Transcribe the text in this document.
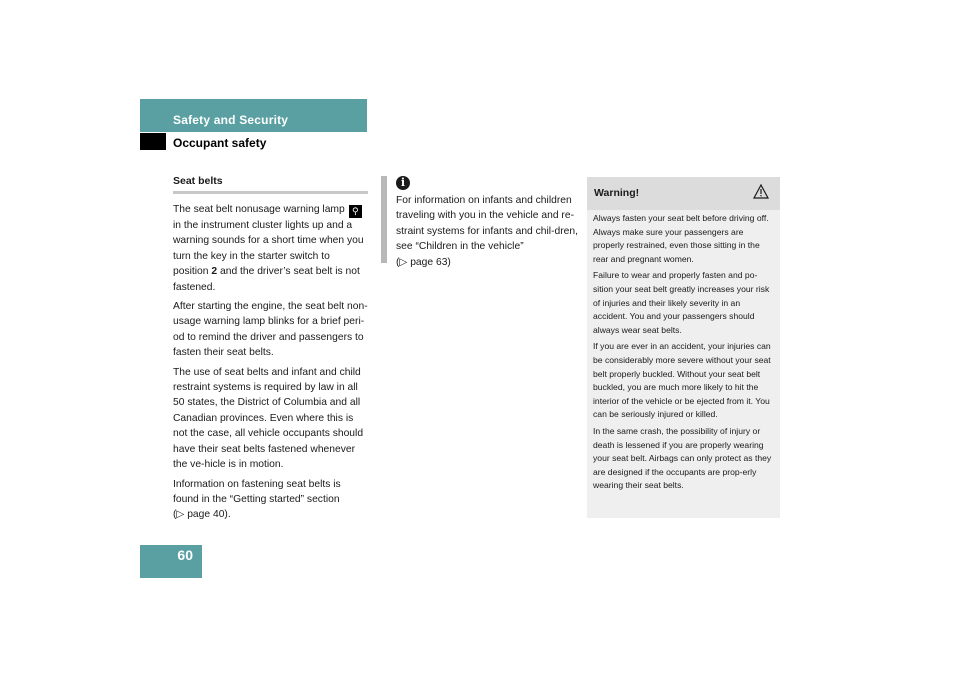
Safety and Security
Occupant safety
Seat belts

The seat belt nonusage warning lamp ⚲ in the instrument cluster lights up and a warning sounds for a short time when you turn the key in the starter switch to position 2 and the driver’s seat belt is not fastened.

After starting the engine, the seat belt non-usage warning lamp blinks for a brief peri-od to remind the driver and passengers to fasten their seat belts.

The use of seat belts and infant and child restraint systems is required by law in all 50 states, the District of Columbia and all Canadian provinces. Even where this is not the case, all vehicle occupants should have their seat belts fastened whenever the ve-hicle is in motion.

Information on fastening seat belts is found in the “Getting started” section
(▷ page 40).

i

For information on infants and children traveling with you in the vehicle and re-straint systems for infants and chil-dren, see “Children in the vehicle”
(▷ page 63)

Warning!

Always fasten your seat belt before driving off. Always make sure your passengers are properly restrained, even those sitting in the rear and pregnant women.

Failure to wear and properly fasten and po-sition your seat belt greatly increases your risk of injuries and their likely severity in an accident. You and your passengers should always wear seat belts.

If you are ever in an accident, your injuries can be considerably more severe without your seat belt properly buckled. Without your seat belt buckled, you are much more likely to hit the interior of the vehicle or be ejected from it. You can be seriously injured or killed.

In the same crash, the possibility of injury or death is lessened if you are properly wearing your seat belt. Airbags can only protect as they are designed if the occupants are prop-erly wearing their seat belts.

60
